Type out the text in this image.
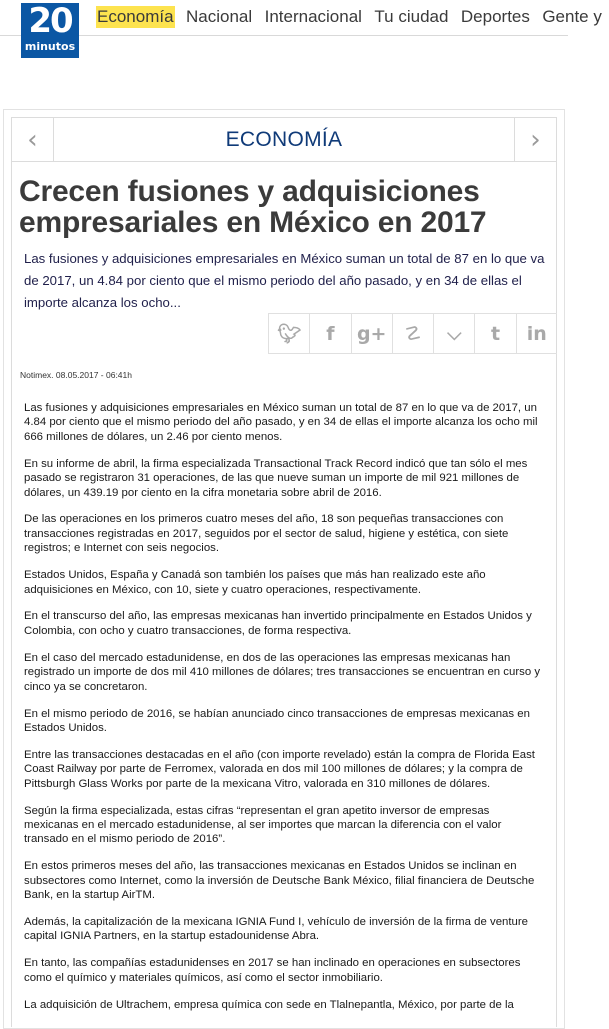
20
minutos
Economía Nacional Internacional Tu ciudad Deportes Gente y
‹	ECONOMÍA	›
Crecen fusiones y adquisiciones empresariales en México en 2017
Las fusiones y adquisiciones empresariales en México suman un total de 87 en lo que va de 2017, un 4.84 por ciento que el mismo periodo del año pasado, y en 34 de ellas el importe alcanza los ocho...
🐦︎	f	g+ ☡	⌵	t	in
Notimex. 08.05.2017 - 06:41h

Las fusiones y adquisiciones empresariales en México suman un total de 87 en lo que va de 2017, un 4.84 por ciento que el mismo periodo del año pasado, y en 34 de ellas el importe alcanza los ocho mil 666 millones de dólares, un 2.46 por ciento menos.

En su informe de abril, la firma especializada Transactional Track Record indicó que tan sólo el mes pasado se registraron 31 operaciones, de las que nueve suman un importe de mil 921 millones de dólares, un 439.19 por ciento en la cifra monetaria sobre abril de 2016.

De las operaciones en los primeros cuatro meses del año, 18 son pequeñas transacciones con transacciones registradas en 2017, seguidos por el sector de salud, higiene y estética, con siete registros; e Internet con seis negocios.

Estados Unidos, España y Canadá son también los países que más han realizado este año adquisiciones en México, con 10, siete y cuatro operaciones, respectivamente.

En el transcurso del año, las empresas mexicanas han invertido principalmente en Estados Unidos y Colombia, con ocho y cuatro transacciones, de forma respectiva.

En el caso del mercado estadunidense, en dos de las operaciones las empresas mexicanas han registrado un importe de dos mil 410 millones de dólares; tres transacciones se encuentran en curso y cinco ya se concretaron.

En el mismo periodo de 2016, se habían anunciado cinco transacciones de empresas mexicanas en Estados Unidos.

Entre las transacciones destacadas en el año (con importe revelado) están la compra de Florida East Coast Railway por parte de Ferromex, valorada en dos mil 100 millones de dólares; y la compra de Pittsburgh Glass Works por parte de la mexicana Vitro, valorada en 310 millones de dólares.

Según la firma especializada, estas cifras “representan el gran apetito inversor de empresas mexicanas en el mercado estadunidense, al ser importes que marcan la diferencia con el valor transado en el mismo periodo de 2016”.

En estos primeros meses del año, las transacciones mexicanas en Estados Unidos se inclinan en subsectores como Internet, como la inversión de Deutsche Bank México, filial financiera de Deutsche Bank, en la startup AirTM.

Además, la capitalización de la mexicana IGNIA Fund I, vehículo de inversión de la firma de venture capital IGNIA Partners, en la startup estadounidense Abra.

En tanto, las compañías estadunidenses en 2017 se han inclinado en operaciones en subsectores como el químico y materiales químicos, así como el sector inmobiliario.

La adquisición de Ultrachem, empresa química con sede en Tlalnepantla, México, por parte de la
